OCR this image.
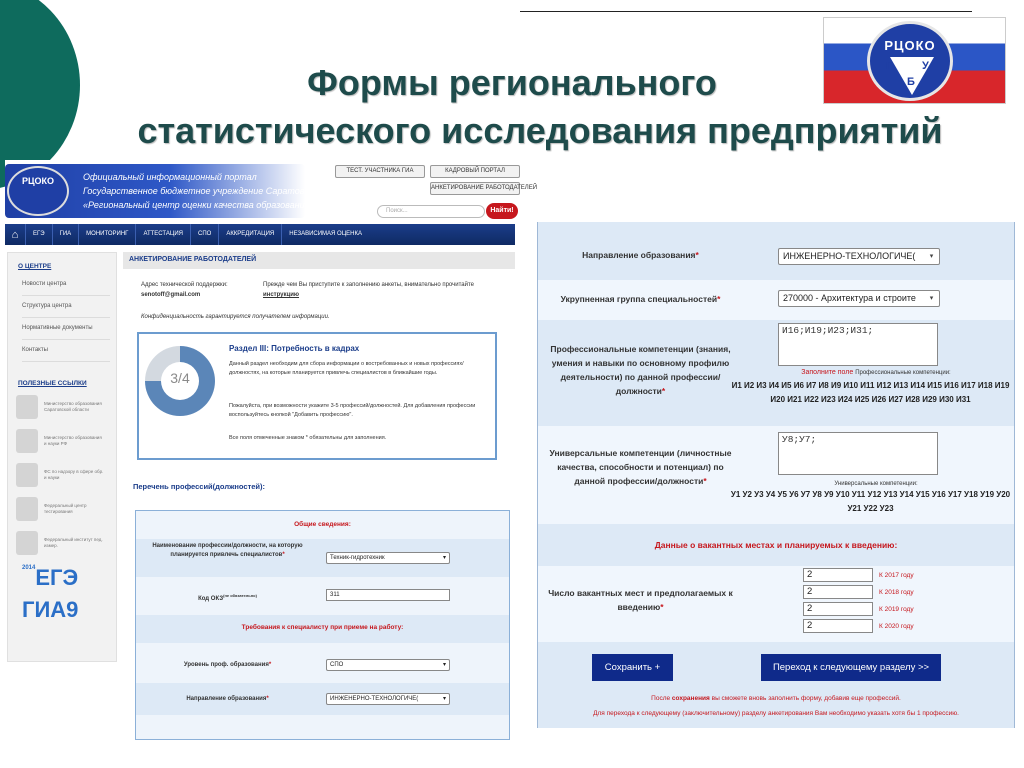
РЦОКО
Г	У
Б
Формы регионального
статистического исследования предприятий
РЦОКО	Официальный информационный портал
Государственное бюджетное учреждение Саратовской области
«Региональный центр оценки качества образования»
ТЕСТ. УЧАСТНИКА ГИА	КАДРОВЫЙ ПОРТАЛ
АНКЕТИРОВАНИЕ РАБОТОДАТЕЛЕЙ
Поиск...	Найти!
⌂	ЕГЭ	ГИА	МОНИТОРИНГ	АТТЕСТАЦИЯ	СПО	АККРЕДИТАЦИЯ	НЕЗАВИСИМАЯ ОЦЕНКА
О ЦЕНТРЕ
Новости центра
Структура центра
Нормативные документы
Контакты
ПОЛЕЗНЫЕ ССЫЛКИ
Министерство образования Саратовской области
Министерство образования и науки РФ
ФС по надзору в сфере обр. и науки
Федеральный центр тестирования
Федеральный институт пед. измер.
$^{2014}$ЕГЭ
ГИА9
АНКЕТИРОВАНИЕ РАБОТОДАТЕЛЕЙ
Адрес технической поддержки:
senotoff@gmail.com
Прежде чем Вы приступите к заполнению анкеты, внимательно прочитайте инструкцию
Конфиденциальность гарантируется получателем информации.
3/4
Раздел III: Потребность в кадрах
Данный раздел необходим для сбора информации о востребованных и новых профессиях/должностях, на которые планируется привлечь специалистов в ближайшие годы.
Пожалуйста, при возможности укажите 3-5 профессий/должностей. Для добавления профессии воспользуйтесь кнопкой "Добавить профессию".
Все поля отмеченные знаком * обязательны для заполнения.
Перечень профессий(должностей):
Общие сведения:
Наименование профессии/должности, на которую планируется привлечь специалистов*	Техник-гидротехник	▾
Код $ОКЗ^{(не обязательно)}$	311
Требования к специалисту при приеме на работу:
Уровень проф. образования*	СПО	▾
Направление образования*	ИНЖЕНЕРНО-ТЕХНОЛОГИЧЕ(	▾
Направление образования*	ИНЖЕНЕРНО-ТЕХНОЛОГИЧЕ(	▾
Укрупненная группа специальностей*	270000 - Архитектура и строите	▾
Профессиональные компетенции (знания, умения и навыки по основному профилю деятельности) по данной профессии/должности*
И16;И19;И23;И31;
Заполните поле Профессиональные компетенции:
И1 И2 И3 И4 И5 И6 И7 И8 И9 И10 И11 И12 И13 И14 И15 И16 И17 И18 И19 И20 И21 И22 И23 И24 И25 И26 И27 И28 И29 И30 И31
Универсальные компетенции (личностные качества, способности и потенциал) по данной профессии/должности*
У8;У7;
Универсальные компетенции:
У1 У2 У3 У4 У5 У6 У7 У8 У9 У10 У11 У12 У13 У14 У15 У16 У17 У18 У19 У20 У21 У22 У23
Данные о вакантных местах и планируемых к введению:
Число вакантных мест и предполагаемых к введению*
2	К 2017 году
2	К 2018 году
2	К 2019 году
2	К 2020 году
Сохранить +	Переход к следующему разделу >>
После сохранения вы сможете вновь заполнить форму, добавив еще профессий.
Для перехода к следующему (заключительному) разделу анкетирования Вам необходимо указать хотя бы 1 профессию.
